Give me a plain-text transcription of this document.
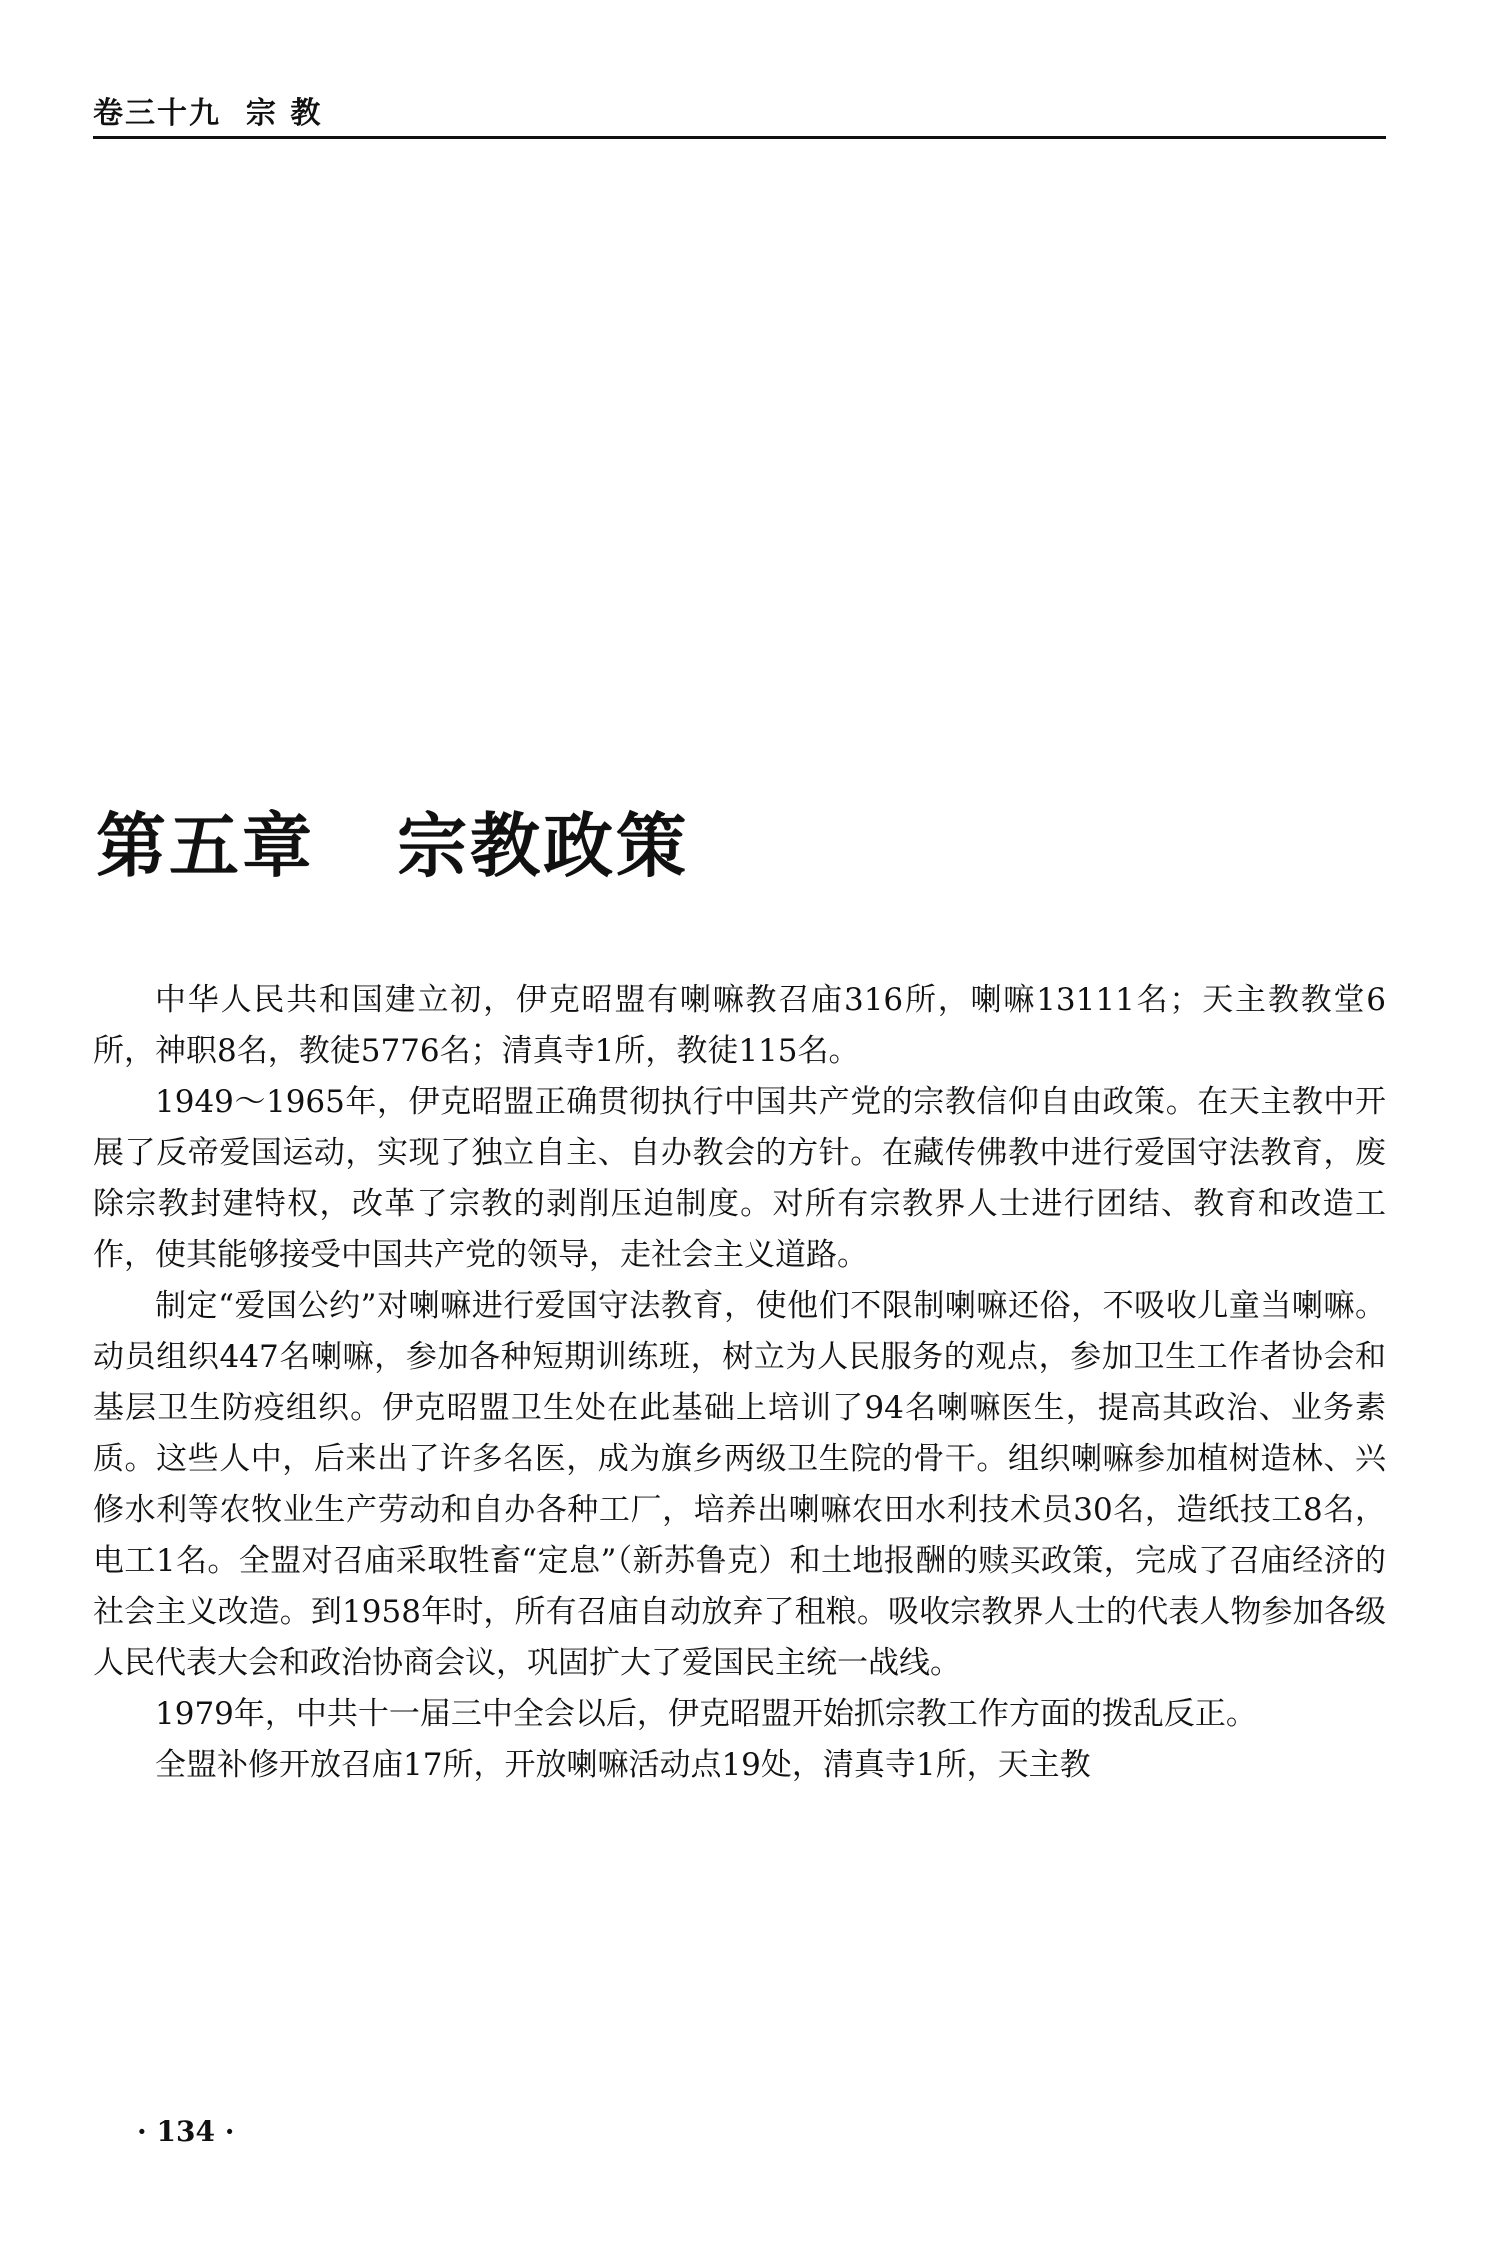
卷三十九  宗 教
第五章   宗教政策

中华人民共和国建立初，伊克昭盟有喇嘛教召庙316所，喇嘛13111名；天主教教堂6所，神职8名，教徒5776名；清真寺1所，教徒115名。

1949～1965年，伊克昭盟正确贯彻执行中国共产党的宗教信仰自由政策。在天主教中开展了反帝爱国运动，实现了独立自主、自办教会的方针。在藏传佛教中进行爱国守法教育，废除宗教封建特权，改革了宗教的剥削压迫制度。对所有宗教界人士进行团结、教育和改造工作，使其能够接受中国共产党的领导，走社会主义道路。

制定“爱国公约”对喇嘛进行爱国守法教育，使他们不限制喇嘛还俗，不吸收儿童当喇嘛。动员组织447名喇嘛，参加各种短期训练班，树立为人民服务的观点，参加卫生工作者协会和基层卫生防疫组织。伊克昭盟卫生处在此基础上培训了94名喇嘛医生，提高其政治、业务素质。这些人中，后来出了许多名医，成为旗乡两级卫生院的骨干。组织喇嘛参加植树造林、兴修水利等农牧业生产劳动和自办各种工厂，培养出喇嘛农田水利技术员30名，造纸技工8名，电工1名。全盟对召庙采取牲畜“定息”（新苏鲁克）和土地报酬的赎买政策，完成了召庙经济的社会主义改造。到1958年时，所有召庙自动放弃了租粮。吸收宗教界人士的代表人物参加各级人民代表大会和政治协商会议，巩固扩大了爱国民主统一战线。

1979年，中共十一届三中全会以后，伊克昭盟开始抓宗教工作方面的拨乱反正。

全盟补修开放召庙17所，开放喇嘛活动点19处，清真寺1所，天主教

· 134 ·
